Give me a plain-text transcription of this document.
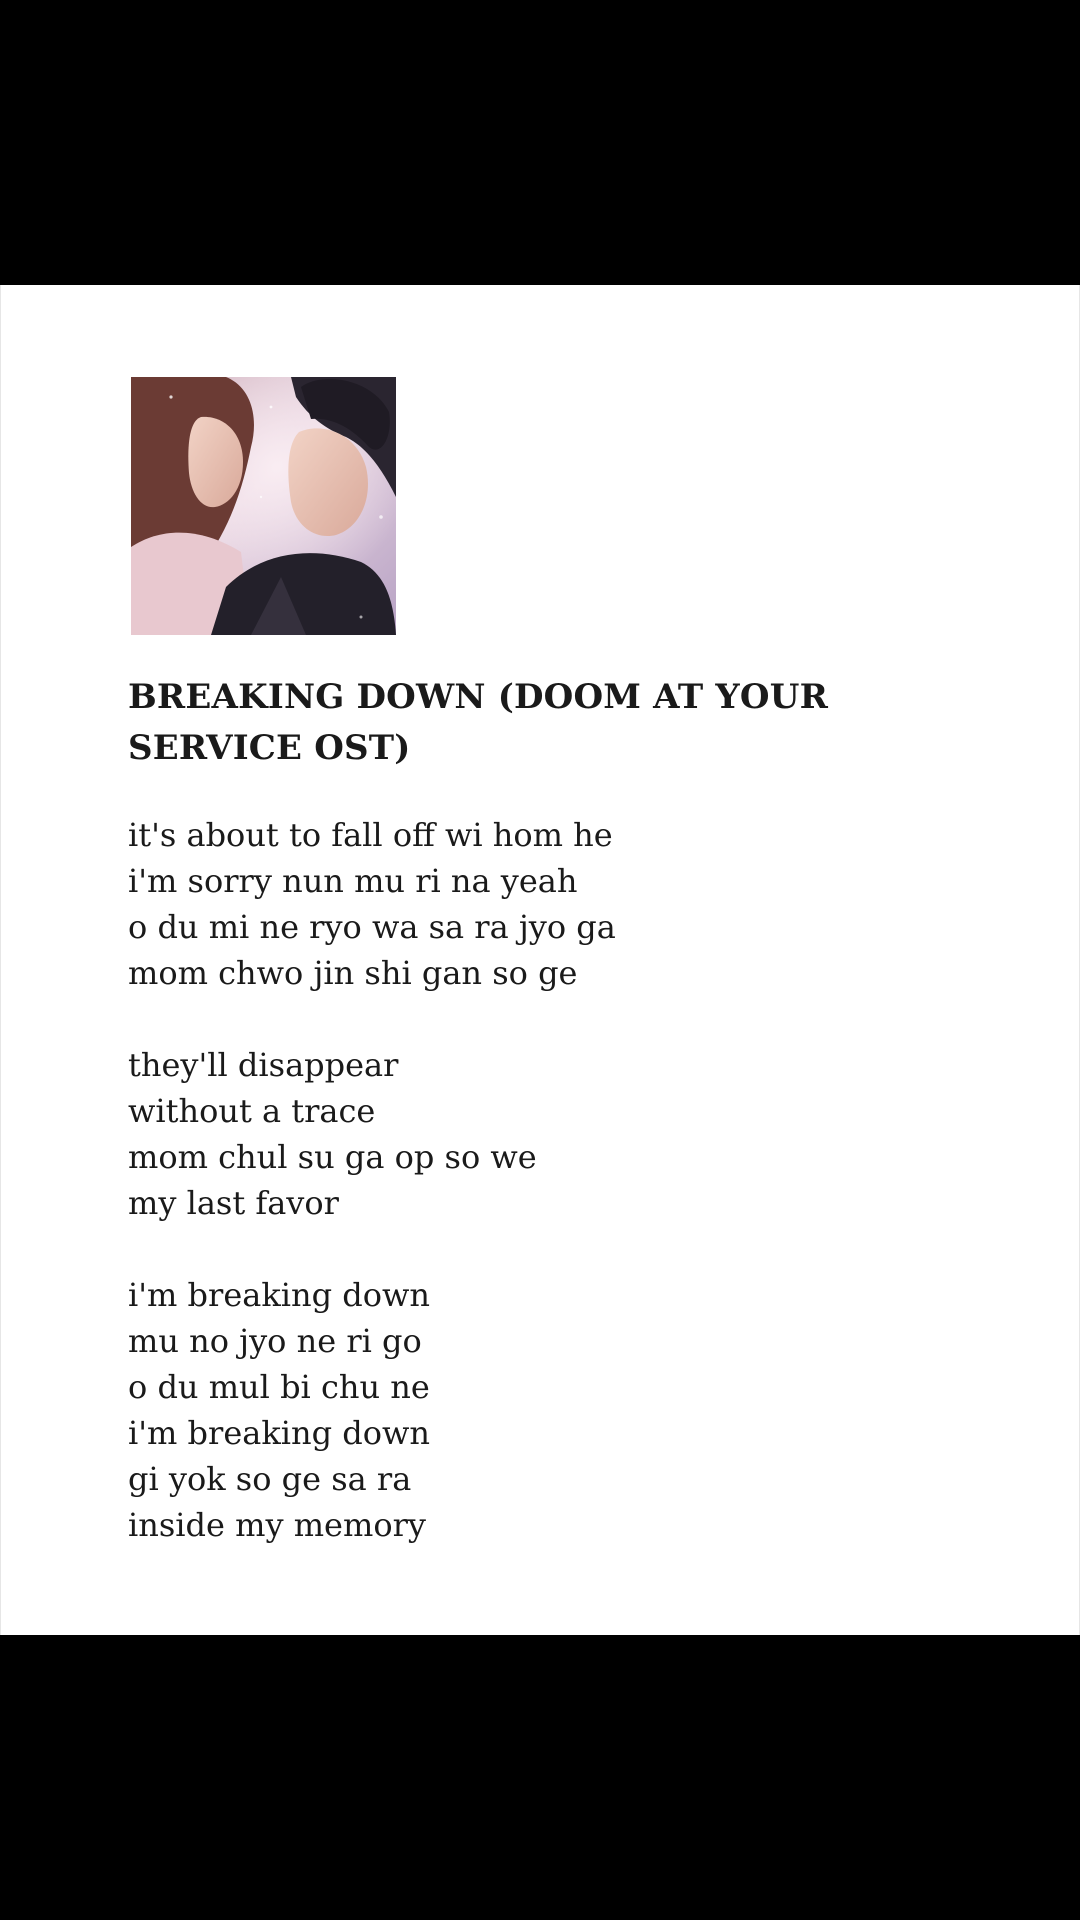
BREAKING DOWN (DOOM AT YOUR SERVICE OST)

it's about to fall off wi hom he
i'm sorry nun mu ri na yeah
o du mi ne ryo wa sa ra jyo ga
mom chwo jin shi gan so ge

they'll disappear
without a trace
mom chul su ga op so we
my last favor

i'm breaking down
mu no jyo ne ri go
o du mul bi chu ne
i'm breaking down
gi yok so ge sa ra
inside my memory
